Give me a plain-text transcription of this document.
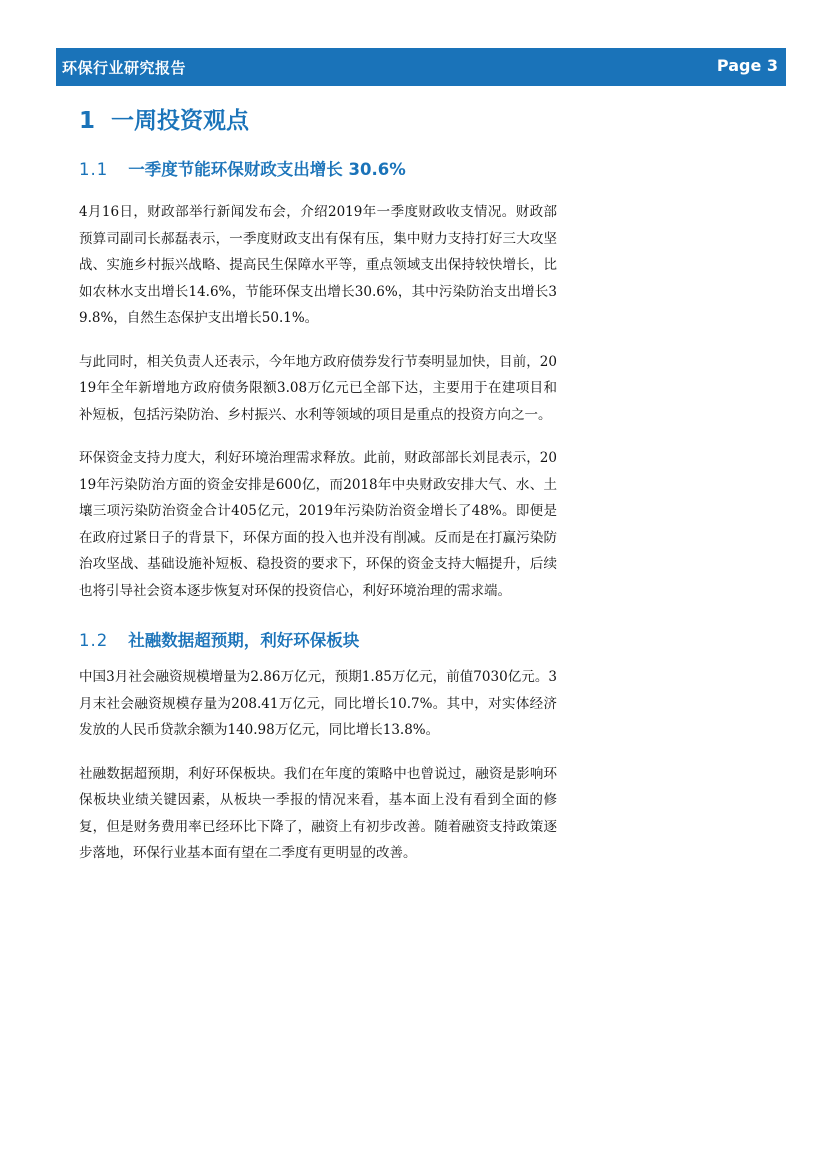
环保行业研究报告	Page 3
1 一周投资观点
1.1 一季度节能环保财政支出增长 30.6%

4月16日，财政部举行新闻发布会，介绍2019年一季度财政收支情况。财政部预算司副司长郝磊表示，一季度财政支出有保有压，集中财力支持打好三大攻坚战、实施乡村振兴战略、提高民生保障水平等，重点领域支出保持较快增长，比如农林水支出增长14.6%，节能环保支出增长30.6%，其中污染防治支出增长39.8%，自然生态保护支出增长50.1%。

与此同时，相关负责人还表示，今年地方政府债券发行节奏明显加快，目前，2019年全年新增地方政府债务限额3.08万亿元已全部下达，主要用于在建项目和补短板，包括污染防治、乡村振兴、水利等领域的项目是重点的投资方向之一。

环保资金支持力度大，利好环境治理需求释放。此前，财政部部长刘昆表示，2019年污染防治方面的资金安排是600亿，而2018年中央财政安排大气、水、土壤三项污染防治资金合计405亿元，2019年污染防治资金增长了48%。即便是在政府过紧日子的背景下，环保方面的投入也并没有削减。反而是在打赢污染防治攻坚战、基础设施补短板、稳投资的要求下，环保的资金支持大幅提升，后续也将引导社会资本逐步恢复对环保的投资信心，利好环境治理的需求端。

1.2 社融数据超预期，利好环保板块

中国3月社会融资规模增量为2.86万亿元，预期1.85万亿元，前值7030亿元。3月末社会融资规模存量为208.41万亿元，同比增长10.7%。其中，对实体经济发放的人民币贷款余额为140.98万亿元，同比增长13.8%。

社融数据超预期，利好环保板块。我们在年度的策略中也曾说过，融资是影响环保板块业绩关键因素，从板块一季报的情况来看，基本面上没有看到全面的修复，但是财务费用率已经环比下降了，融资上有初步改善。随着融资支持政策逐步落地，环保行业基本面有望在二季度有更明显的改善。
